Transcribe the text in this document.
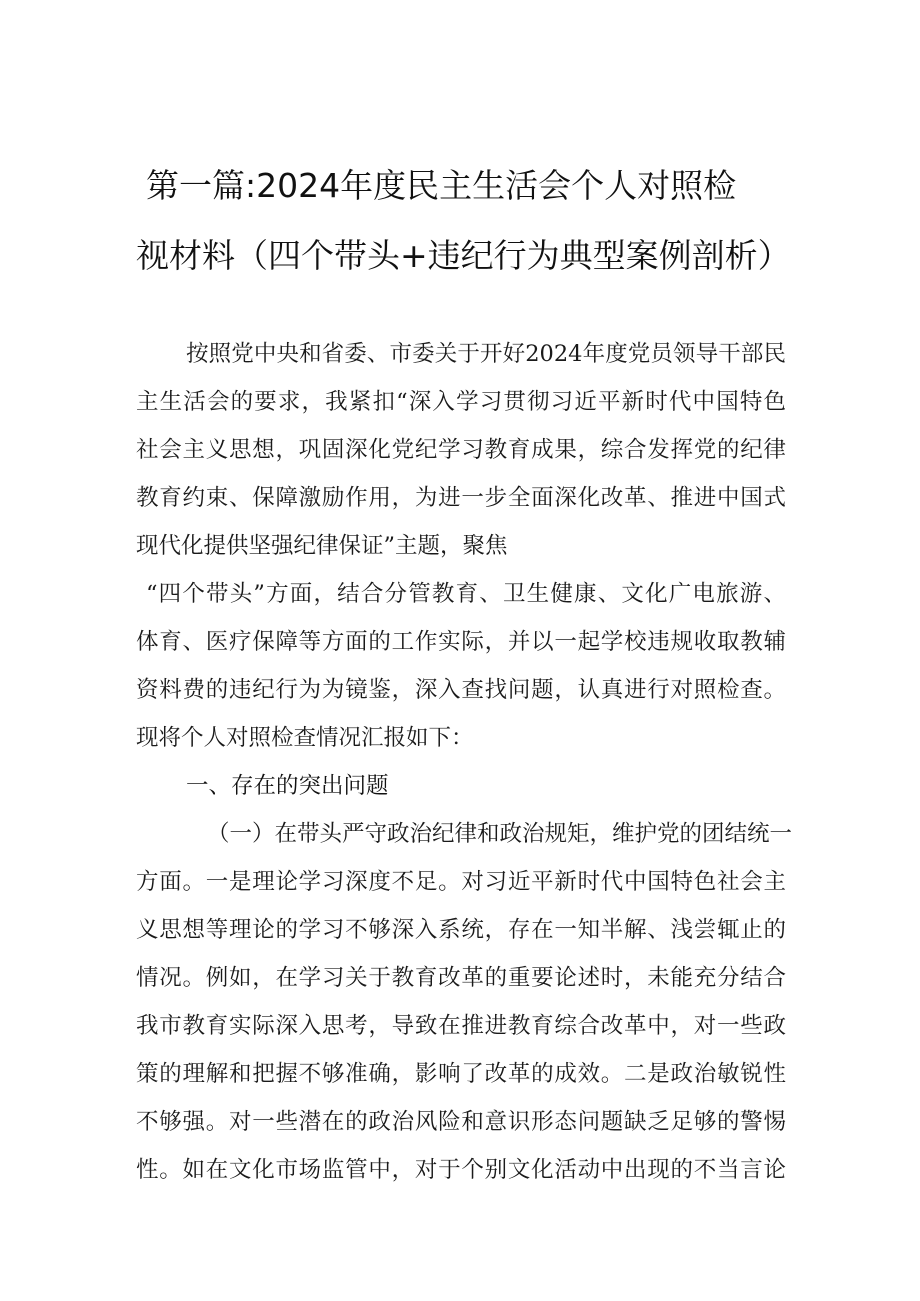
第一篇:2024年度民主生活会个人对照检
视材料（四个带头+违纪行为典型案例剖析）
按照党中央和省委、市委关于开好2024年度党员领导干部民
主生活会的要求，我紧扣“深入学习贯彻习近平新时代中国特色
社会主义思想，巩固深化党纪学习教育成果，综合发挥党的纪律
教育约束、保障激励作用，为进一步全面深化改革、推进中国式
现代化提供坚强纪律保证”主题，聚焦
“四个带头”方面，结合分管教育、卫生健康、文化广电旅游、
体育、医疗保障等方面的工作实际，并以一起学校违规收取教辅
资料费的违纪行为为镜鉴，深入查找问题，认真进行对照检查。
现将个人对照检查情况汇报如下：
一、存在的突出问题
（一）在带头严守政治纪律和政治规矩，维护党的团结统一
方面。一是理论学习深度不足。对习近平新时代中国特色社会主
义思想等理论的学习不够深入系统，存在一知半解、浅尝辄止的
情况。例如，在学习关于教育改革的重要论述时，未能充分结合
我市教育实际深入思考，导致在推进教育综合改革中，对一些政
策的理解和把握不够准确，影响了改革的成效。二是政治敏锐性
不够强。对一些潜在的政治风险和意识形态问题缺乏足够的警惕
性。如在文化市场监管中，对于个别文化活动中出现的不当言论
